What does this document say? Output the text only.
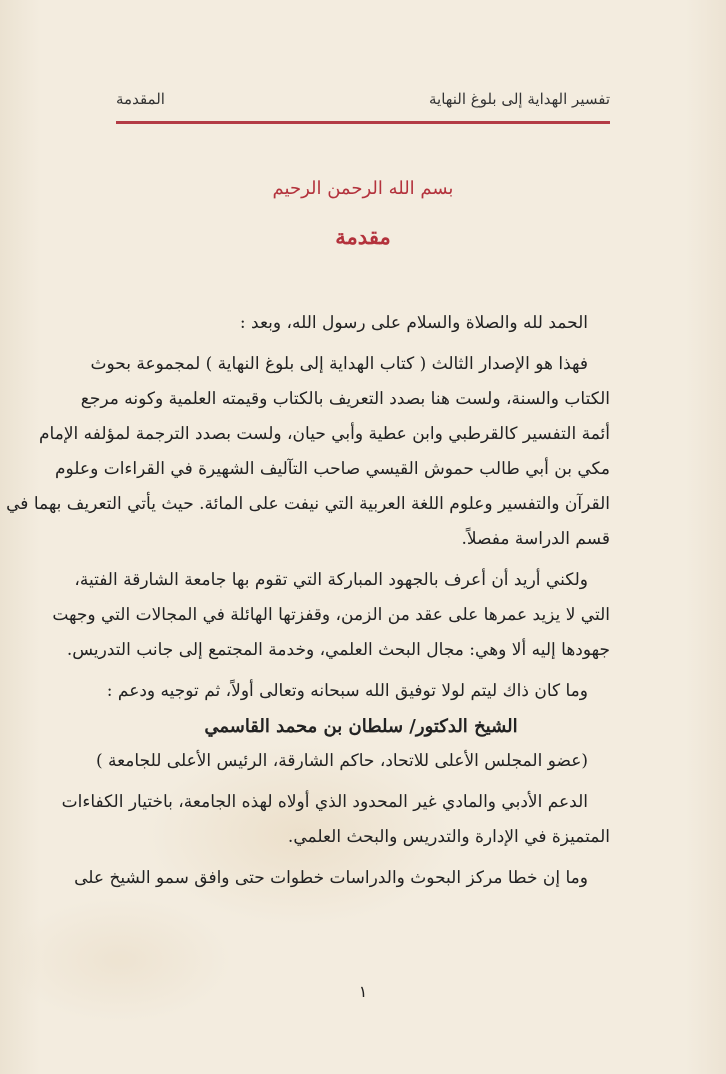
تفسير الهداية إلى بلوغ النهاية
المقدمة
بسم الله الرحمن الرحيم
مقدمة
الحمد لله والصلاة والسلام على رسول الله، وبعد :
فهذا هو الإصدار الثالث ( كتاب الهداية إلى بلوغ النهاية ) لمجموعة بحوث
الكتاب والسنة، ولست هنا بصدد التعريف بالكتاب وقيمته العلمية وكونه مرجع
أئمة التفسير كالقرطبي وابن عطية وأبي حيان، ولست بصدد الترجمة لمؤلفه الإمام
مكي بن أبي طالب حموش القيسي صاحب التآليف الشهيرة في القراءات وعلوم
القرآن والتفسير وعلوم اللغة العربية التي نيفت على المائة. حيث يأتي التعريف بهما في
قسم الدراسة مفصلاً.
ولكني أريد أن أعرف بالجهود المباركة التي تقوم بها جامعة الشارقة الفتية،
التي لا يزيد عمرها على عقد من الزمن، وقفزتها الهائلة في المجالات التي وجهت
جهودها إليه ألا وهي: مجال البحث العلمي، وخدمة المجتمع إلى جانب التدريس.
وما كان ذاك ليتم لولا توفيق الله سبحانه وتعالى أولاً، ثم توجيه ودعم :
الشيخ الدكتور/ سلطان بن محمد القاسمي
(عضو المجلس الأعلى للاتحاد، حاكم الشارقة، الرئيس الأعلى للجامعة )
الدعم الأدبي والمادي غير المحدود الذي أولاه لهذه الجامعة، باختيار الكفاءات
المتميزة في الإدارة والتدريس والبحث العلمي.
وما إن خطا مركز البحوث والدراسات خطوات حتى وافق سمو الشيخ على
١
